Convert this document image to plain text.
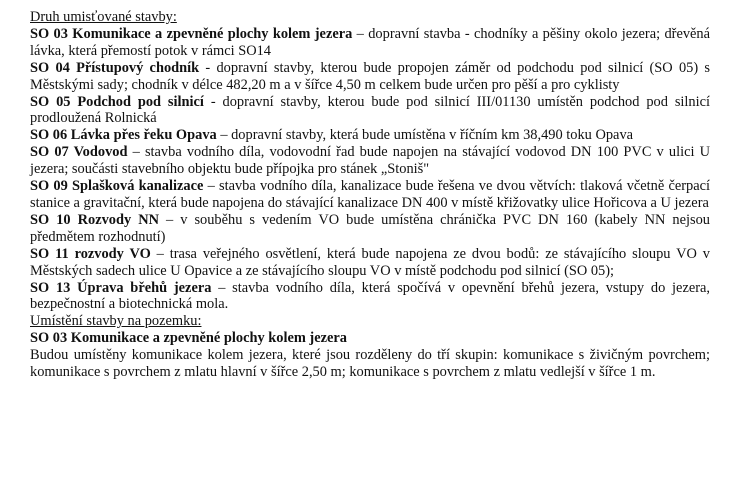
Druh umisťované stavby:
SO 03 Komunikace a zpevněné plochy kolem jezera – dopravní stavba - chodníky a pěšiny okolo jezera; dřevěná lávka, která přemostí potok v rámci SO14
SO 04 Přístupový chodník - dopravní stavby, kterou bude propojen záměr od podchodu pod silnicí (SO 05) s Městskými sady; chodník v délce 482,20 m a v šířce 4,50 m celkem bude určen pro pěší a pro cyklisty
SO 05 Podchod pod silnicí - dopravní stavby, kterou bude pod silnicí III/01130 umístěn podchod pod silnicí prodloužená Rolnická
SO 06 Lávka přes řeku Opava – dopravní stavby, která bude umístěna v říčním km 38,490 toku Opava
SO 07 Vodovod – stavba vodního díla, vodovodní řad bude napojen na stávající vodovod DN 100 PVC v ulici U jezera; součásti stavebního objektu bude přípojka pro stánek „Stoniš"
SO 09 Splašková kanalizace – stavba vodního díla, kanalizace bude řešena ve dvou větvích: tlaková včetně čerpací stanice a gravitační, která bude napojena do stávající kanalizace DN 400 v místě křižovatky ulice Hořicova a U jezera
SO 10 Rozvody NN – v souběhu s vedením VO bude umístěna chránička PVC DN 160 (kabely NN nejsou předmětem rozhodnutí)
SO 11 rozvody VO – trasa veřejného osvětlení, která bude napojena ze dvou bodů: ze stávajícího sloupu VO v Městských sadech ulice U Opavice a ze stávajícího sloupu VO v místě podchodu pod silnicí (SO 05);
SO 13 Úprava břehů jezera – stavba vodního díla, která spočívá v opevnění břehů jezera, vstupy do jezera, bezpečnostní a biotechnická mola.
Umístění stavby na pozemku:
SO 03 Komunikace a zpevněné plochy kolem jezera
Budou umístěny komunikace kolem jezera, které jsou rozděleny do tří skupin: komunikace s živičným povrchem; komunikace s povrchem z mlatu hlavní v šířce 2,50 m; komunikace s povrchem z mlatu vedlejší v šířce 1 m.
